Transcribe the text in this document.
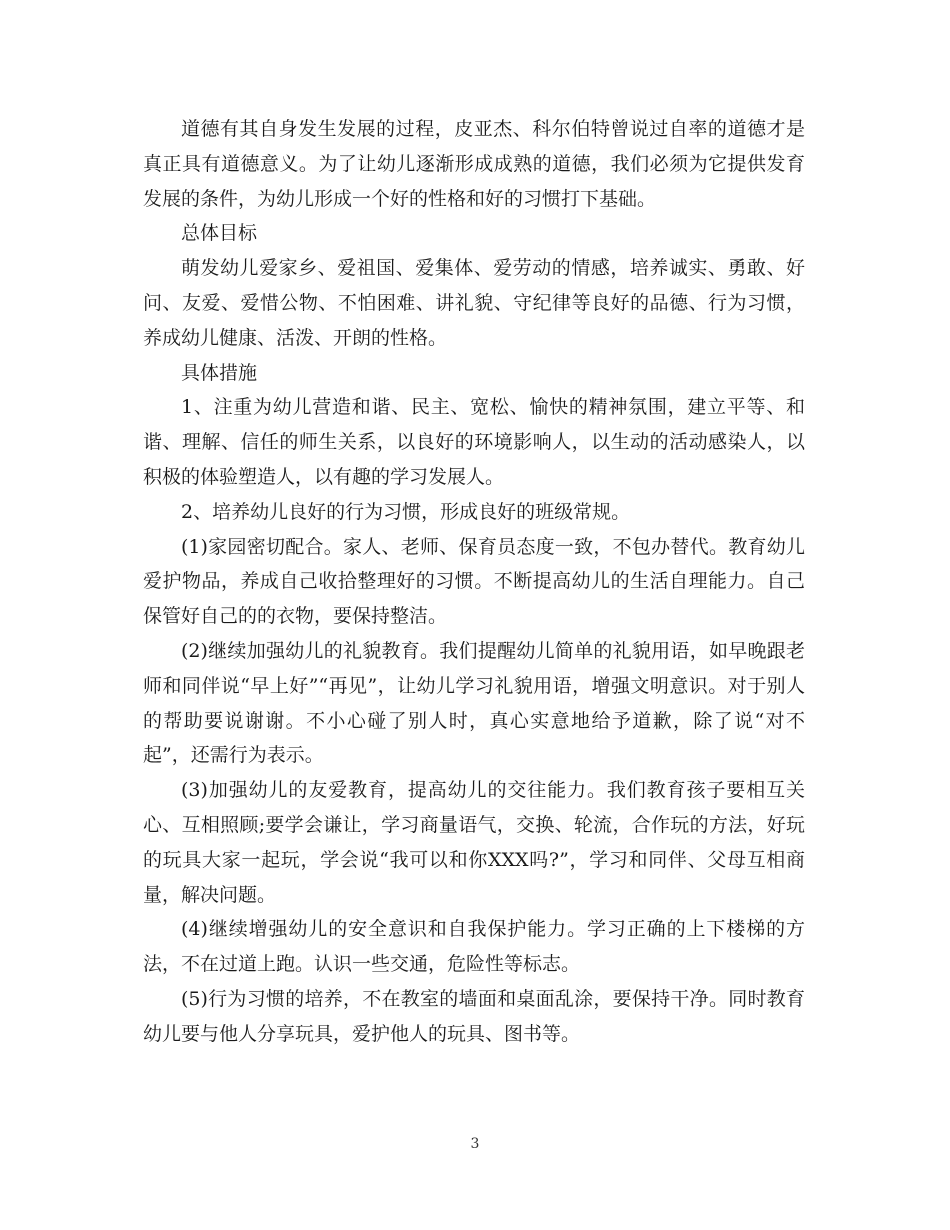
道德有其自身发生发展的过程，皮亚杰、科尔伯特曾说过自率的道德才是真正具有道德意义。为了让幼儿逐渐形成成熟的道德，我们必须为它提供发育发展的条件，为幼儿形成一个好的性格和好的习惯打下基础。

总体目标

萌发幼儿爱家乡、爱祖国、爱集体、爱劳动的情感，培养诚实、勇敢、好问、友爱、爱惜公物、不怕困难、讲礼貌、守纪律等良好的品德、行为习惯，养成幼儿健康、活泼、开朗的性格。

具体措施

1、注重为幼儿营造和谐、民主、宽松、愉快的精神氛围，建立平等、和谐、理解、信任的师生关系，以良好的环境影响人，以生动的活动感染人，以积极的体验塑造人，以有趣的学习发展人。

2、培养幼儿良好的行为习惯，形成良好的班级常规。

(1)家园密切配合。家人、老师、保育员态度一致，不包办替代。教育幼儿爱护物品，养成自己收拾整理好的习惯。不断提高幼儿的生活自理能力。自己保管好自己的的衣物，要保持整洁。

(2)继续加强幼儿的礼貌教育。我们提醒幼儿简单的礼貌用语，如早晚跟老师和同伴说“早上好”“再见”，让幼儿学习礼貌用语，增强文明意识。对于别人的帮助要说谢谢。不小心碰了别人时，真心实意地给予道歉，除了说“对不起”，还需行为表示。

(3)加强幼儿的友爱教育，提高幼儿的交往能力。我们教育孩子要相互关心、互相照顾;要学会谦让，学习商量语气，交换、轮流，合作玩的方法，好玩的玩具大家一起玩，学会说“我可以和你XXX吗?”，学习和同伴、父母互相商量，解决问题。

(4)继续增强幼儿的安全意识和自我保护能力。学习正确的上下楼梯的方法，不在过道上跑。认识一些交通，危险性等标志。

(5)行为习惯的培养，不在教室的墙面和桌面乱涂，要保持干净。同时教育幼儿要与他人分享玩具，爱护他人的玩具、图书等。

3
